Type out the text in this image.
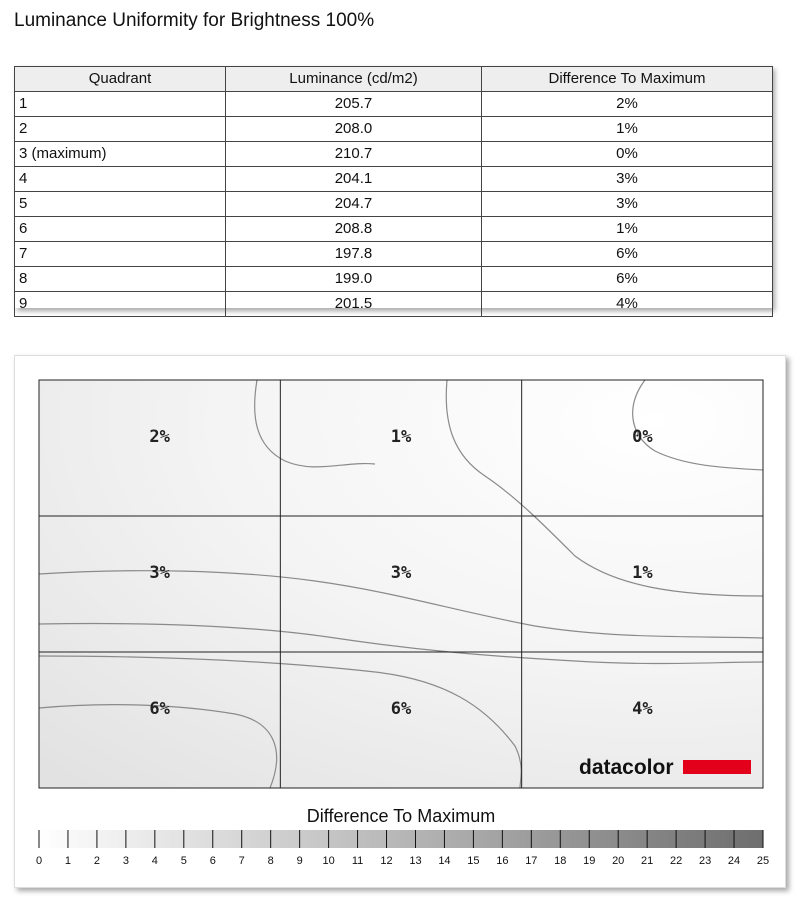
Luminance Uniformity for Brightness 100%
Quadrant	Luminance (cd/m2)	Difference To Maximum
1	205.7	2%
2	208.0	1%
3 (maximum)	210.7	0%
4	204.1	3%
5	204.7	3%
6	208.8	1%
7	197.8	6%
8	199.0	6%
9	201.5	4%
2%	1%	0%
3%	3%	1%
6%	6%	4%
Difference To Maximum
0 1 2 3 4 5 6 7 8 9 10 11 12 13 14 15 16 17 18 19 20 21 22 23 24 25
datacolor
